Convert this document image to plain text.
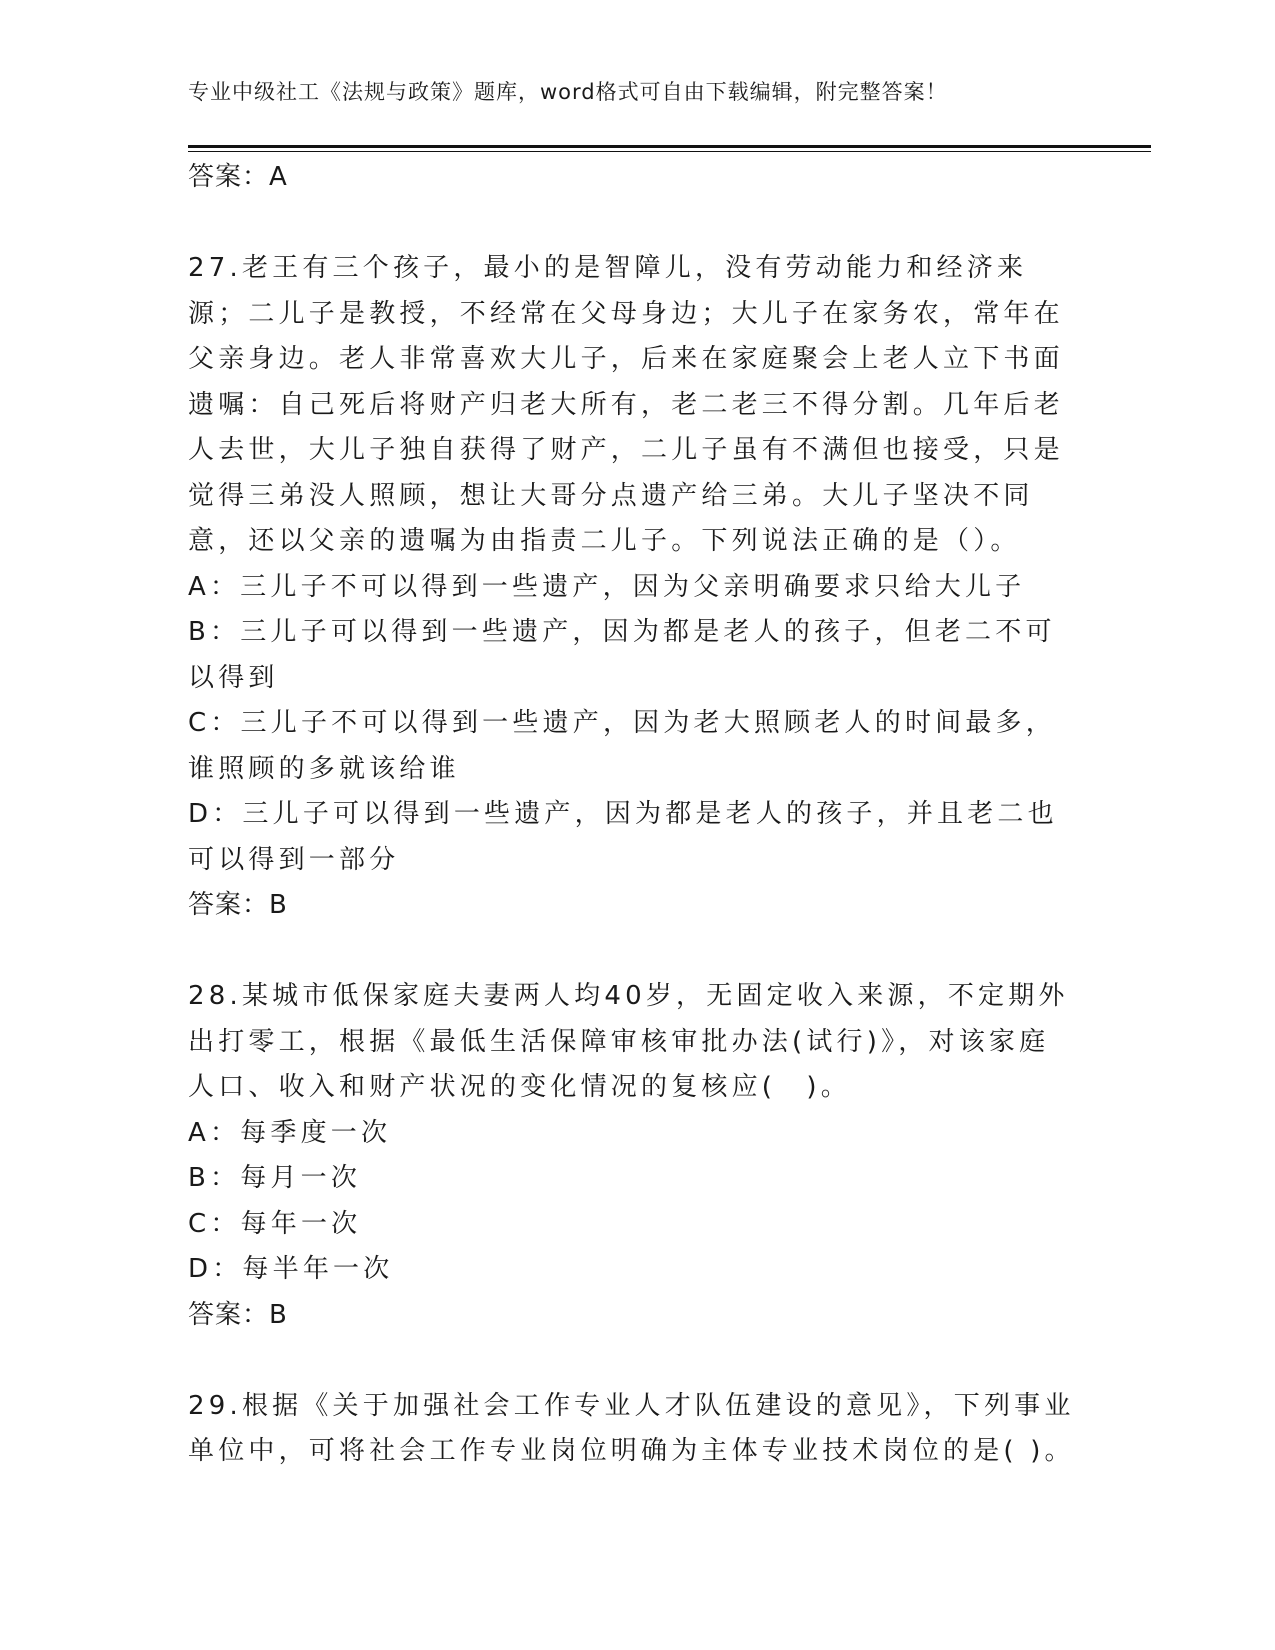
专业中级社工《法规与政策》题库，word格式可自由下载编辑，附完整答案！

答案：A

27.老王有三个孩子，最小的是智障儿，没有劳动能力和经济来源；二儿子是教授，不经常在父母身边；大儿子在家务农，常年在父亲身边。老人非常喜欢大儿子，后来在家庭聚会上老人立下书面遗嘱：自己死后将财产归老大所有，老二老三不得分割。几年后老人去世，大儿子独自获得了财产，二儿子虽有不满但也接受，只是觉得三弟没人照顾，想让大哥分点遗产给三弟。大儿子坚决不同意，还以父亲的遗嘱为由指责二儿子。下列说法正确的是（）。

A：三儿子不可以得到一些遗产，因为父亲明确要求只给大儿子

B：三儿子可以得到一些遗产，因为都是老人的孩子，但老二不可以得到

C：三儿子不可以得到一些遗产，因为老大照顾老人的时间最多，谁照顾的多就该给谁

D：三儿子可以得到一些遗产，因为都是老人的孩子，并且老二也可以得到一部分

答案：B

28.某城市低保家庭夫妻两人均40岁，无固定收入来源，不定期外出打零工，根据《最低生活保障审核审批办法(试行)》，对该家庭人口、收入和财产状况的变化情况的复核应(　)。

A：每季度一次

B：每月一次

C：每年一次

D：每半年一次

答案：B

29.根据《关于加强社会工作专业人才队伍建设的意见》，下列事业单位中，可将社会工作专业岗位明确为主体专业技术岗位的是( )。
